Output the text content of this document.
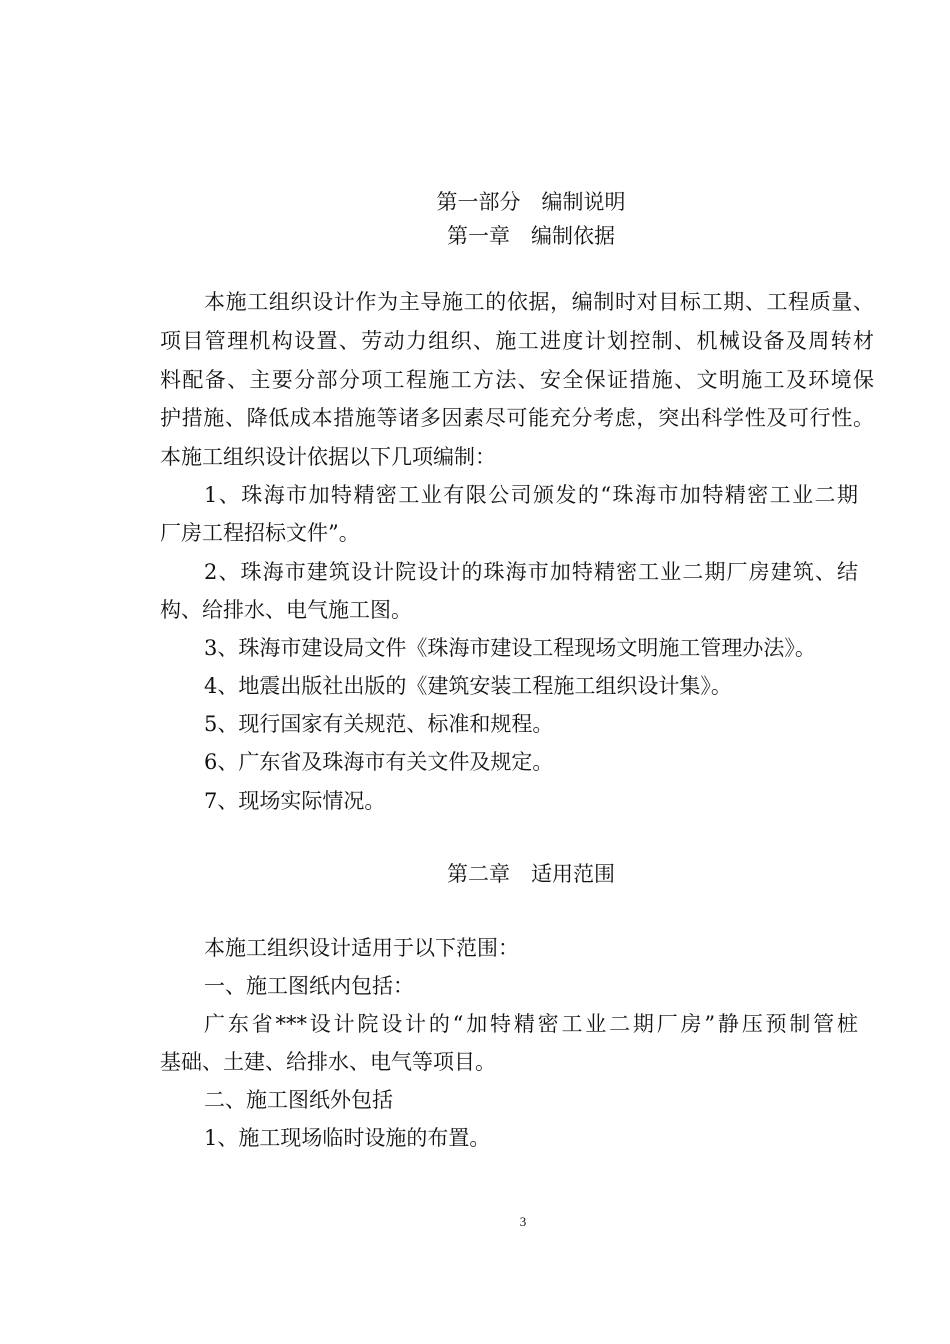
第一部分　编制说明
第一章　编制依据
本施工组织设计作为主导施工的依据，编制时对目标工期、工程质量、
项目管理机构设置、劳动力组织、施工进度计划控制、机械设备及周转材
料配备、主要分部分项工程施工方法、安全保证措施、文明施工及环境保
护措施、降低成本措施等诸多因素尽可能充分考虑，突出科学性及可行性。
本施工组织设计依据以下几项编制：
1、珠海市加特精密工业有限公司颁发的“珠海市加特精密工业二期
厂房工程招标文件”。
2、珠海市建筑设计院设计的珠海市加特精密工业二期厂房建筑、结
构、给排水、电气施工图。
3、珠海市建设局文件《珠海市建设工程现场文明施工管理办法》。
4、地震出版社出版的《建筑安装工程施工组织设计集》。
5、现行国家有关规范、标准和规程。
6、广东省及珠海市有关文件及规定。
7、现场实际情况。
第二章　适用范围
本施工组织设计适用于以下范围：
一、施工图纸内包括：
广东省***设计院设计的“加特精密工业二期厂房”静压预制管桩
基础、土建、给排水、电气等项目。
二、施工图纸外包括
1、施工现场临时设施的布置。
3
